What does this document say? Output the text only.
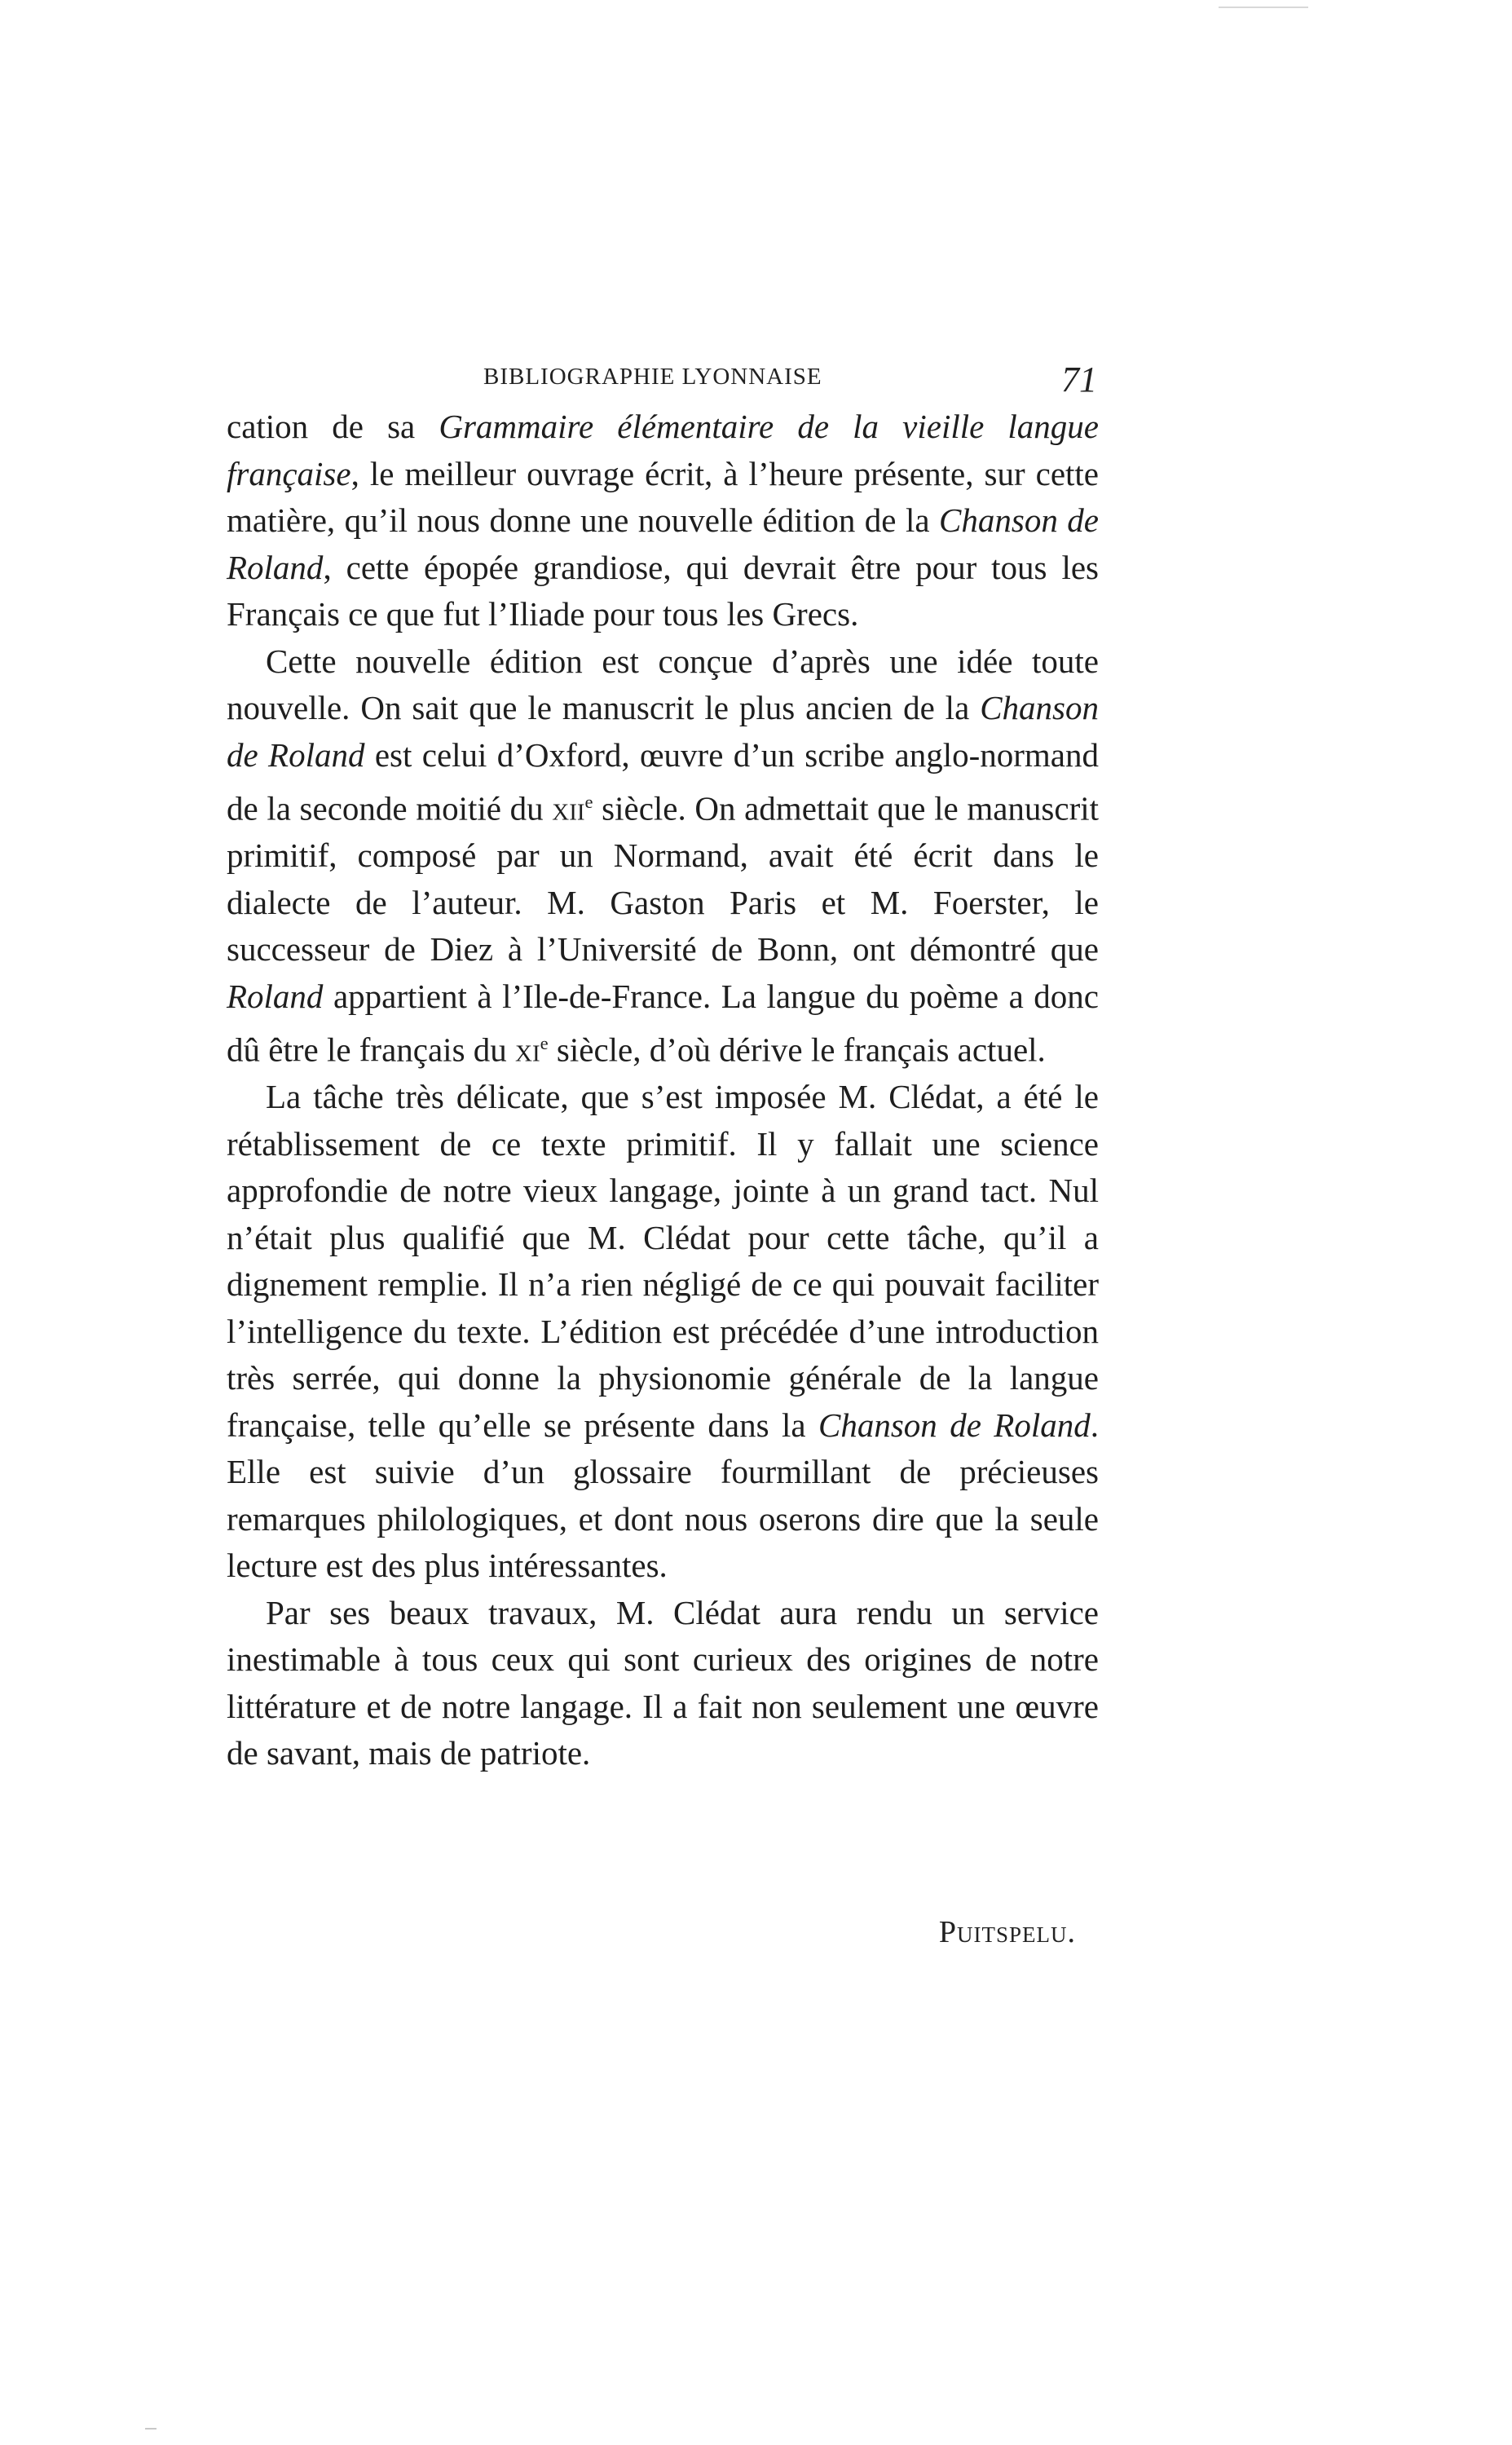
BIBLIOGRAPHIE LYONNAISE	71

cation de sa Grammaire élémentaire de la vieille langue française, le meilleur ouvrage écrit, à l’heure présente, sur cette matière, qu’il nous donne une nouvelle édition de la Chanson de Roland, cette épopée grandiose, qui devrait être pour tous les Français ce que fut l’Iliade pour tous les Grecs.

Cette nouvelle édition est conçue d’après une idée toute nouvelle. On sait que le manuscrit le plus ancien de la Chanson de Roland est celui d’Oxford, œuvre d’un scribe anglo-normand de la seconde moitié du xii$^e$ siècle. On admettait que le manuscrit primitif, composé par un Normand, avait été écrit dans le dialecte de l’auteur. M. Gaston Paris et M. Foerster, le successeur de Diez à l’Université de Bonn, ont démontré que Roland appartient à l’Ile-de-France. La langue du poème a donc dû être le français du $xi^e$ siècle, d’où dérive le français actuel.

La tâche très délicate, que s’est imposée M. Clédat, a été le rétablissement de ce texte primitif. Il y fallait une science approfondie de notre vieux langage, jointe à un grand tact. Nul n’était plus qualifié que M. Clédat pour cette tâche, qu’il a dignement remplie. Il n’a rien négligé de ce qui pouvait faciliter l’intelligence du texte. L’édition est précédée d’une introduction très serrée, qui donne la physionomie générale de la langue française, telle qu’elle se présente dans la Chanson de Roland. Elle est suivie d’un glossaire fourmillant de précieuses remarques philologiques, et dont nous oserons dire que la seule lecture est des plus intéressantes.

Par ses beaux travaux, M. Clédat aura rendu un service inestimable à tous ceux qui sont curieux des origines de notre littérature et de notre langage. Il a fait non seulement une œuvre de savant, mais de patriote.

Puitspelu.
